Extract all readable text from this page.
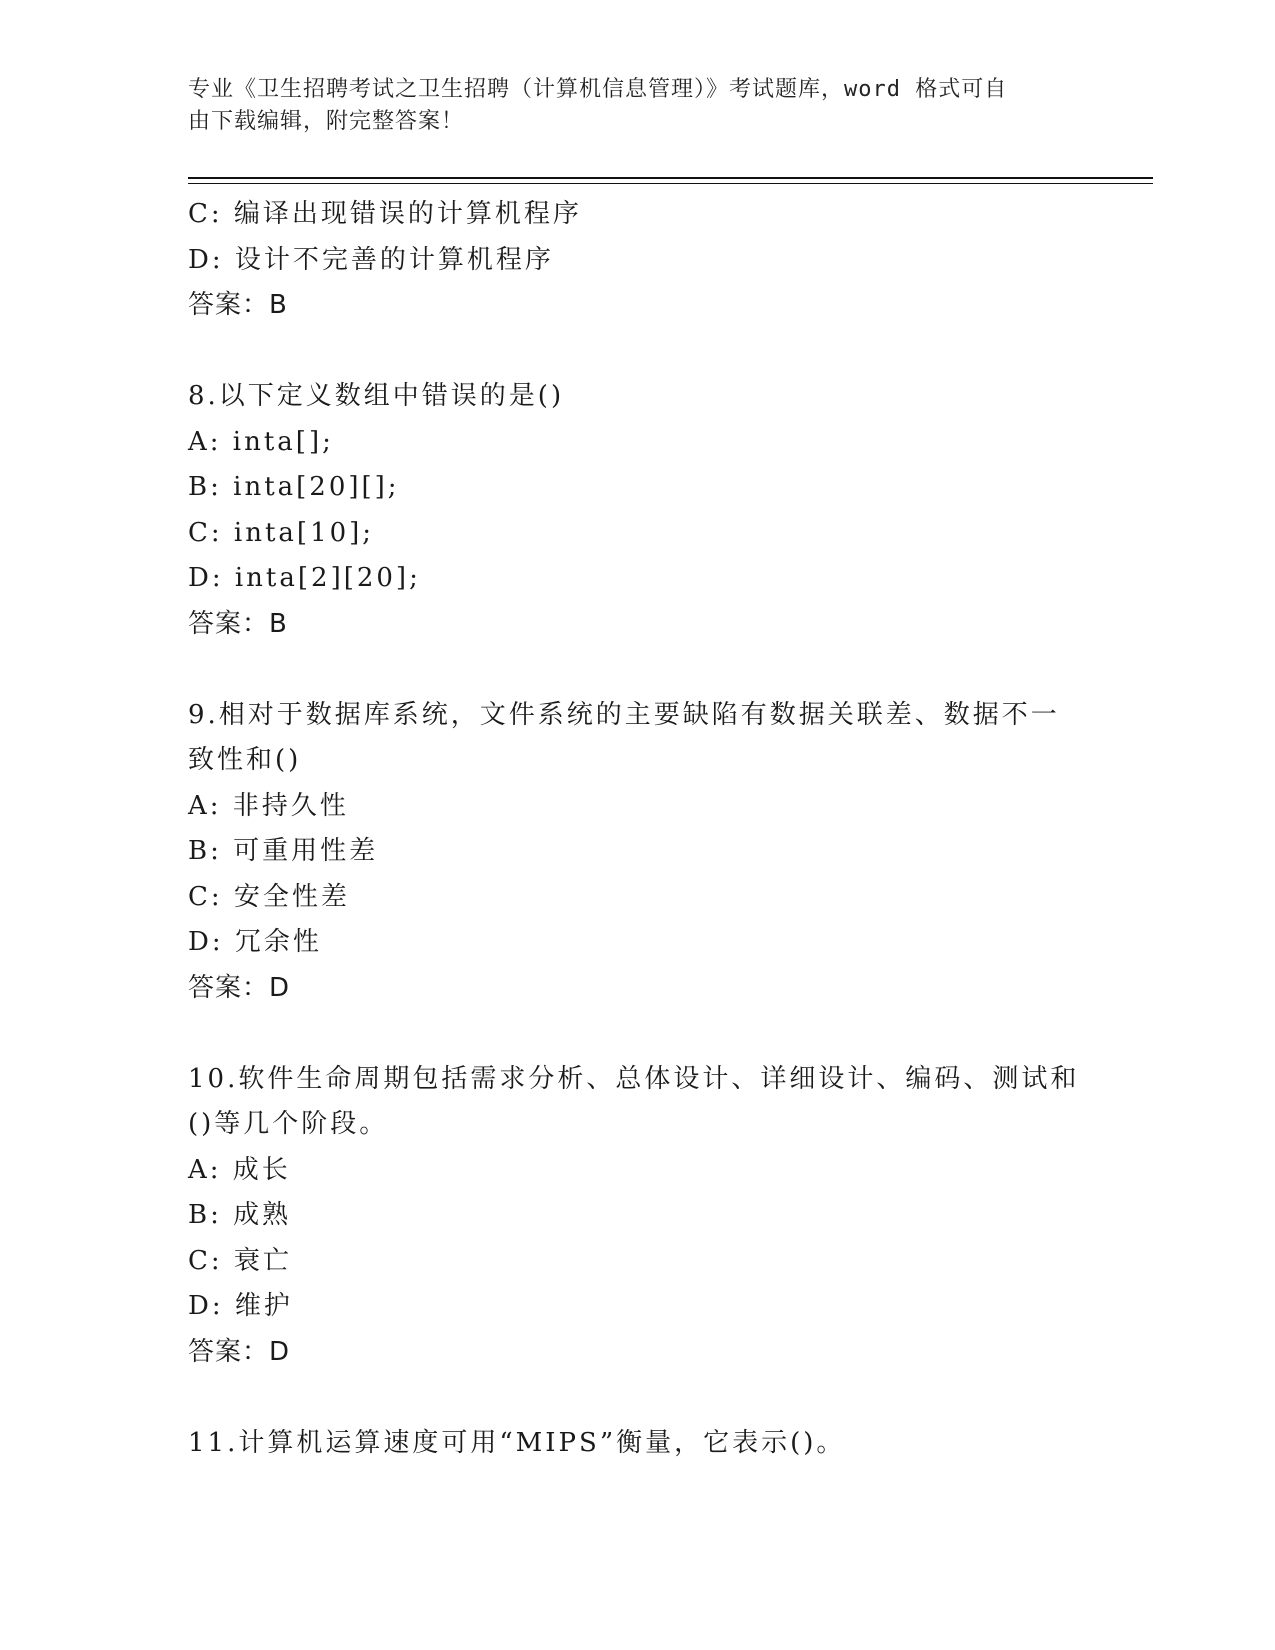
专业《卫生招聘考试之卫生招聘（计算机信息管理）》考试题库，word 格式可自
由下载编辑，附完整答案！
C: 编译出现错误的计算机程序
D: 设计不完善的计算机程序
答案：B
8.以下定义数组中错误的是()
A: inta[];
B: inta[20][];
C: inta[10];
D: inta[2][20];
答案：B
9.相对于数据库系统，文件系统的主要缺陷有数据关联差、数据不一
致性和()
A: 非持久性
B: 可重用性差
C: 安全性差
D: 冗余性
答案：D
10.软件生命周期包括需求分析、总体设计、详细设计、编码、测试和
()等几个阶段。
A: 成长
B: 成熟
C: 衰亡
D: 维护
答案：D
11.计算机运算速度可用“MIPS”衡量，它表示()。
